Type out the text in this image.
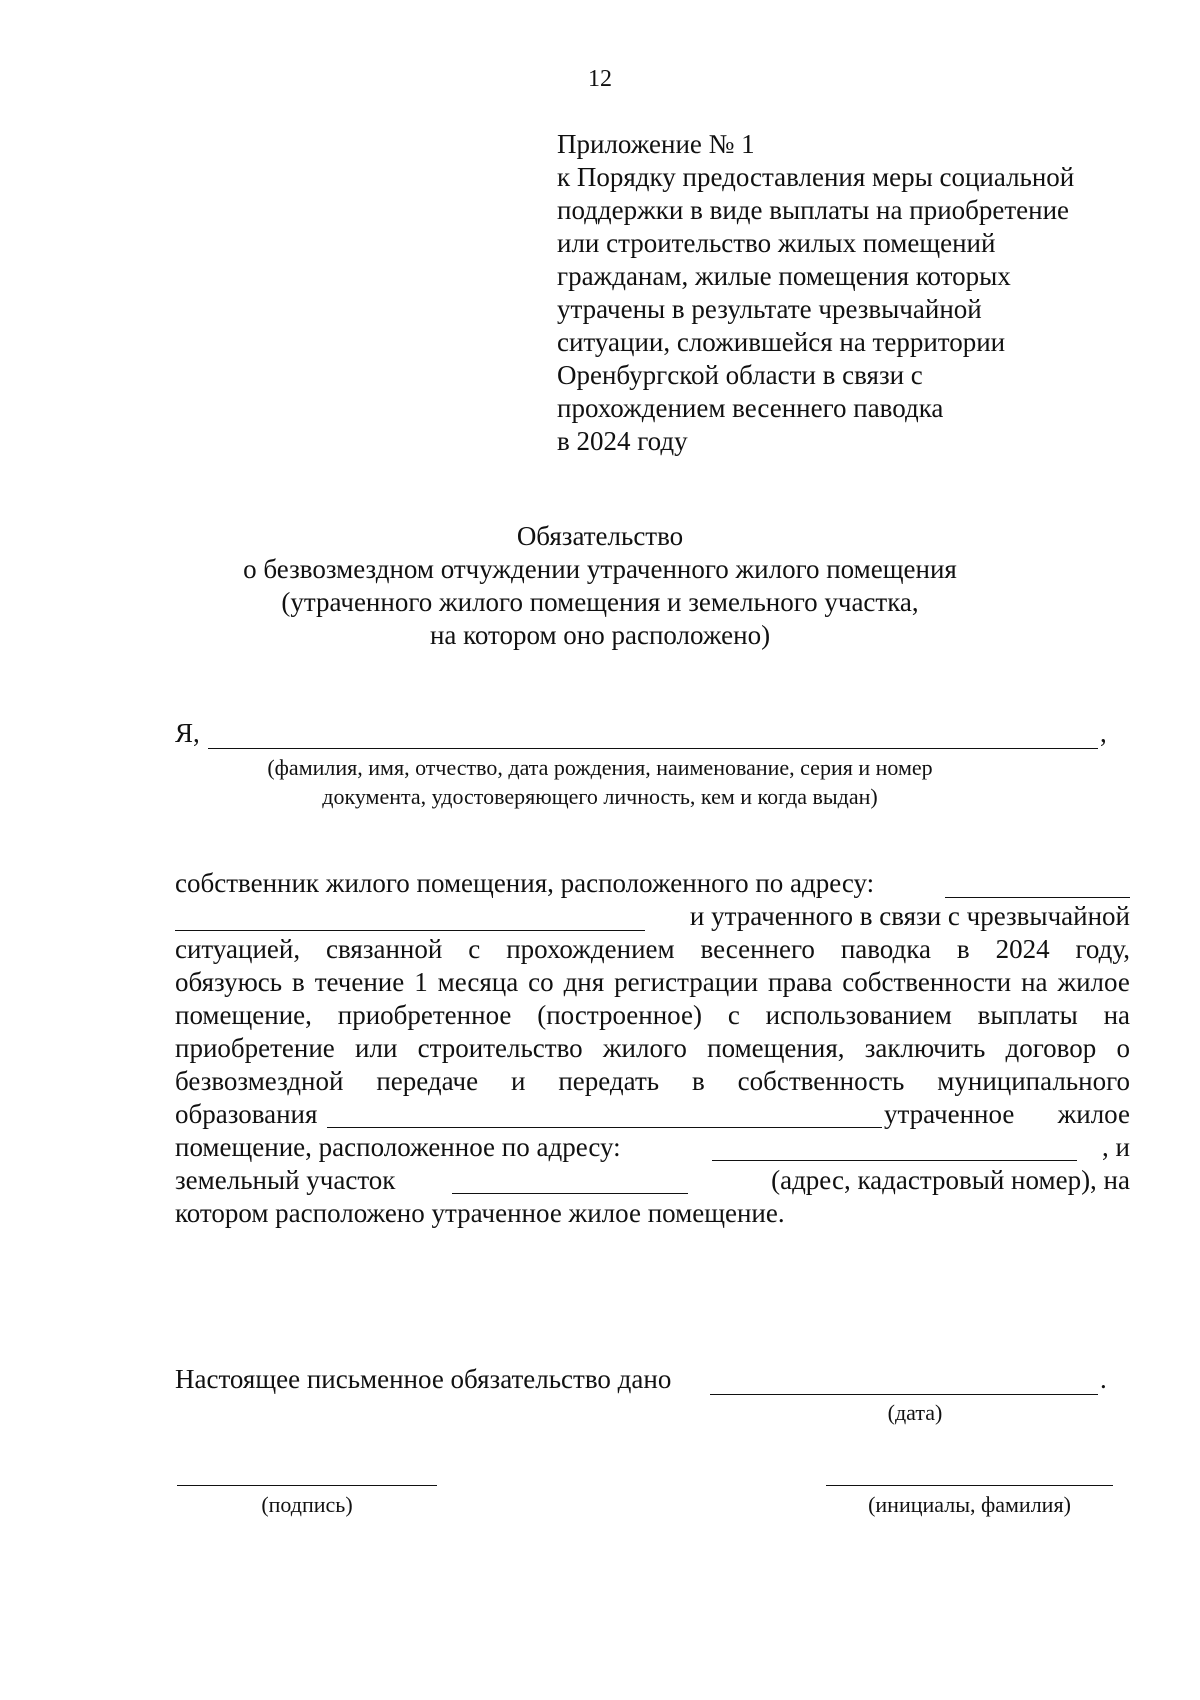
12
Приложение № 1
к Порядку предоставления меры социальной
поддержки в виде выплаты на приобретение
или строительство жилых помещений
гражданам, жилые помещения которых
утрачены в результате чрезвычайной
ситуации, сложившейся на территории
Оренбургской области в связи с
прохождением весеннего паводка
в 2024 году
Обязательство
о безвозмездном отчуждении утраченного жилого помещения
(утраченного жилого помещения и земельного участка,
на котором оно расположено)
Я,	,
(фамилия, имя, отчество, дата рождения, наименование, серия и номер
документа, удостоверяющего личность, кем и когда выдан)
собственник жилого помещения, расположенного по адресу:
и утраченного в связи с чрезвычайной
ситуацией, связанной с прохождением весеннего паводка в 2024 году,
обязуюсь в течение 1 месяца со дня регистрации права собственности на жилое
помещение, приобретенное (построенное) с использованием выплаты на
приобретение или строительство жилого помещения, заключить договор о
безвозмездной передаче и передать в собственность муниципального
образования	утраченное жилое
помещение, расположенное по адресу:	, и
земельный участок	(адрес, кадастровый номер), на
котором расположено утраченное жилое помещение.
Настоящее письменное обязательство дано	.
(дата)
(подпись)	(инициалы, фамилия)
